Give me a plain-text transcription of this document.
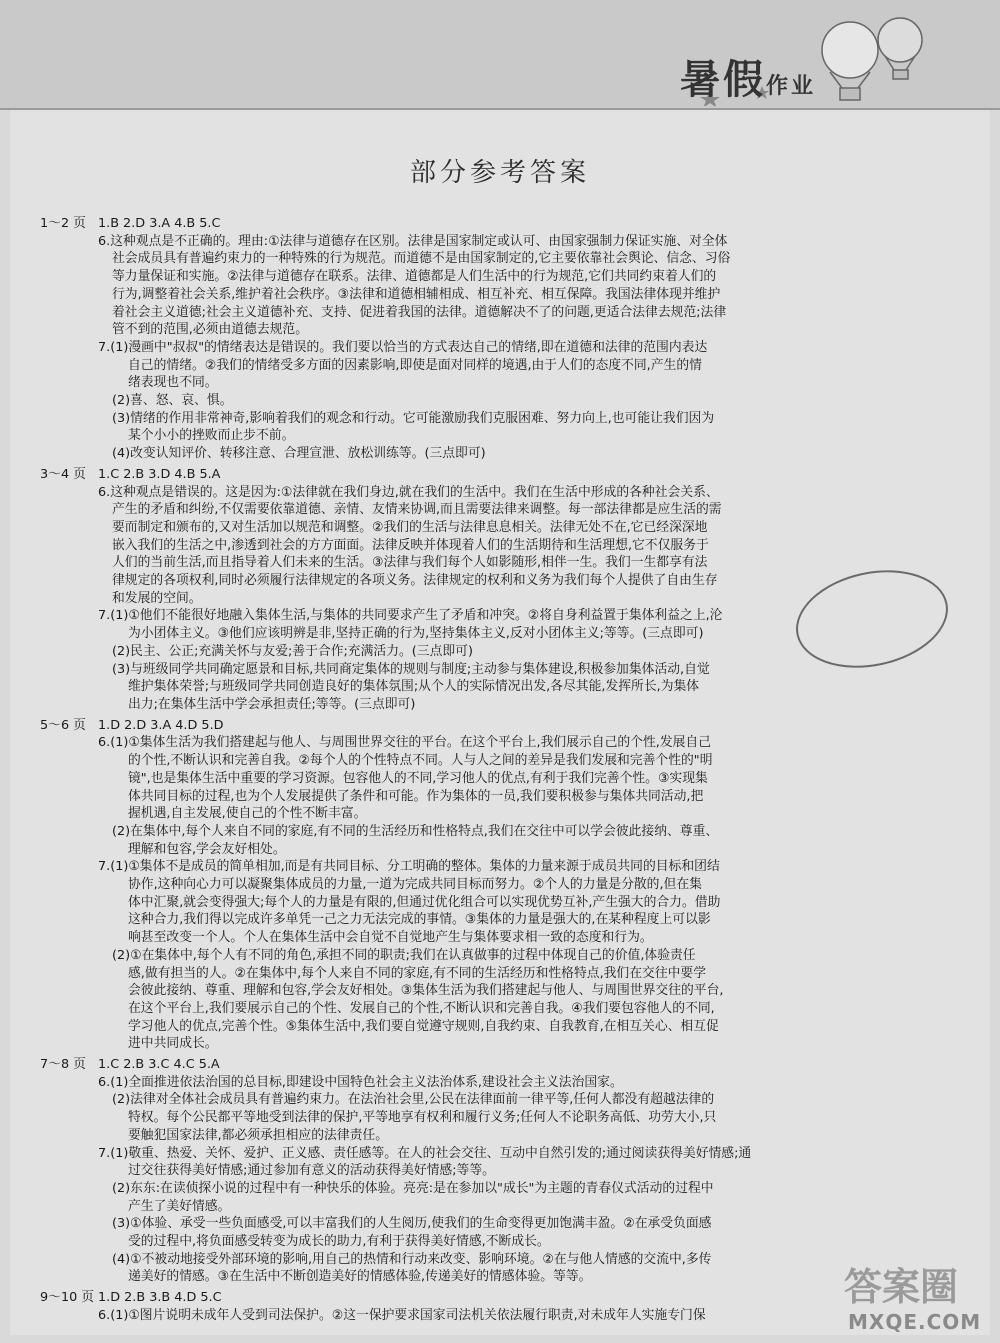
暑假作业
部分参考答案
1～2 页 1.B 2.D 3.A 4.B 5.C
6.这种观点是不正确的。理由:①法律与道德存在区别。法律是国家制定或认可、由国家强制力保证实施、对全体
社会成员具有普遍约束力的一种特殊的行为规范。而道德不是由国家制定的,它主要依靠社会舆论、信念、习俗
等力量保证和实施。②法律与道德存在联系。法律、道德都是人们生活中的行为规范,它们共同约束着人们的
行为,调整着社会关系,维护着社会秩序。③法律和道德相辅相成、相互补充、相互保障。我国法律体现并维护
着社会主义道德;社会主义道德补充、支持、促进着我国的法律。道德解决不了的问题,更适合法律去规范;法律
管不到的范围,必须由道德去规范。
7.(1)漫画中"叔叔"的情绪表达是错误的。我们要以恰当的方式表达自己的情绪,即在道德和法律的范围内表达
自己的情绪。②我们的情绪受多方面的因素影响,即使是面对同样的境遇,由于人们的态度不同,产生的情
绪表现也不同。
(2)喜、怒、哀、惧。
(3)情绪的作用非常神奇,影响着我们的观念和行动。它可能激励我们克服困难、努力向上,也可能让我们因为
某个小小的挫败而止步不前。
(4)改变认知评价、转移注意、合理宣泄、放松训练等。(三点即可)
3～4 页 1.C 2.B 3.D 4.B 5.A
6.这种观点是错误的。这是因为:①法律就在我们身边,就在我们的生活中。我们在生活中形成的各种社会关系、
产生的矛盾和纠纷,不仅需要依靠道德、亲情、友情来协调,而且需要法律来调整。每一部法律都是应生活的需
要而制定和颁布的,又对生活加以规范和调整。②我们的生活与法律息息相关。法律无处不在,它已经深深地
嵌入我们的生活之中,渗透到社会的方方面面。法律反映并体现着人们的生活期待和生活理想,它不仅服务于
人们的当前生活,而且指导着人们未来的生活。③法律与我们每个人如影随形,相伴一生。我们一生都享有法
律规定的各项权利,同时必须履行法律规定的各项义务。法律规定的权利和义务为我们每个人提供了自由生存
和发展的空间。
7.(1)①他们不能很好地融入集体生活,与集体的共同要求产生了矛盾和冲突。②将自身利益置于集体利益之上,沦
为小团体主义。③他们应该明辨是非,坚持正确的行为,坚持集体主义,反对小团体主义;等等。(三点即可)
(2)民主、公正;充满关怀与友爱;善于合作;充满活力。(三点即可)
(3)与班级同学共同确定愿景和目标,共同商定集体的规则与制度;主动参与集体建设,积极参加集体活动,自觉
维护集体荣誉;与班级同学共同创造良好的集体氛围;从个人的实际情况出发,各尽其能,发挥所长,为集体
出力;在集体生活中学会承担责任;等等。(三点即可)
5～6 页 1.D 2.D 3.A 4.D 5.D
6.(1)①集体生活为我们搭建起与他人、与周围世界交往的平台。在这个平台上,我们展示自己的个性,发展自己
的个性,不断认识和完善自我。②每个人的个性特点不同。人与人之间的差异是我们发展和完善个性的"明
镜",也是集体生活中重要的学习资源。包容他人的不同,学习他人的优点,有利于我们完善个性。③实现集
体共同目标的过程,也为个人发展提供了条件和可能。作为集体的一员,我们要积极参与集体共同活动,把
握机遇,自主发展,使自己的个性不断丰富。
(2)在集体中,每个人来自不同的家庭,有不同的生活经历和性格特点,我们在交往中可以学会彼此接纳、尊重、
理解和包容,学会友好相处。
7.(1)①集体不是成员的简单相加,而是有共同目标、分工明确的整体。集体的力量来源于成员共同的目标和团结
协作,这种向心力可以凝聚集体成员的力量,一道为完成共同目标而努力。②个人的力量是分散的,但在集
体中汇聚,就会变得强大;每个人的力量是有限的,但通过优化组合可以实现优势互补,产生强大的合力。借助
这种合力,我们得以完成许多单凭一己之力无法完成的事情。③集体的力量是强大的,在某种程度上可以影
响甚至改变一个人。个人在集体生活中会自觉不自觉地产生与集体要求相一致的态度和行为。
(2)①在集体中,每个人有不同的角色,承担不同的职责;我们在认真做事的过程中体现自己的价值,体验责任
感,做有担当的人。②在集体中,每个人来自不同的家庭,有不同的生活经历和性格特点,我们在交往中要学
会彼此接纳、尊重、理解和包容,学会友好相处。③集体生活为我们搭建起与他人、与周围世界交往的平台,
在这个平台上,我们要展示自己的个性、发展自己的个性,不断认识和完善自我。④我们要包容他人的不同,
学习他人的优点,完善个性。⑤集体生活中,我们要自觉遵守规则,自我约束、自我教育,在相互关心、相互促
进中共同成长。
7～8 页 1.C 2.B 3.C 4.C 5.A
6.(1)全面推进依法治国的总目标,即建设中国特色社会主义法治体系,建设社会主义法治国家。
(2)法律对全体社会成员具有普遍约束力。在法治社会里,公民在法律面前一律平等,任何人都没有超越法律的
特权。每个公民都平等地受到法律的保护,平等地享有权利和履行义务;任何人不论职务高低、功劳大小,只
要触犯国家法律,都必须承担相应的法律责任。
7.(1)敬重、热爱、关怀、爱护、正义感、责任感等。在人的社会交往、互动中自然引发的;通过阅读获得美好情感;通
过交往获得美好情感;通过参加有意义的活动获得美好情感;等等。
(2)东东:在读侦探小说的过程中有一种快乐的体验。亮亮:是在参加以"成长"为主题的青春仪式活动的过程中
产生了美好情感。
(3)①体验、承受一些负面感受,可以丰富我们的人生阅历,使我们的生命变得更加饱满丰盈。②在承受负面感
受的过程中,将负面感受转变为成长的助力,有利于获得美好情感,不断成长。
(4)①不被动地接受外部环境的影响,用自己的热情和行动来改变、影响环境。②在与他人情感的交流中,多传
递美好的情感。③在生活中不断创造美好的情感体验,传递美好的情感体验。等等。
9～10 页 1.D 2.B 3.B 4.D 5.C
6.(1)①图片说明未成年人受到司法保护。②这一保护要求国家司法机关依法履行职责,对未成年人实施专门保
答案圈
MXQE.COM
